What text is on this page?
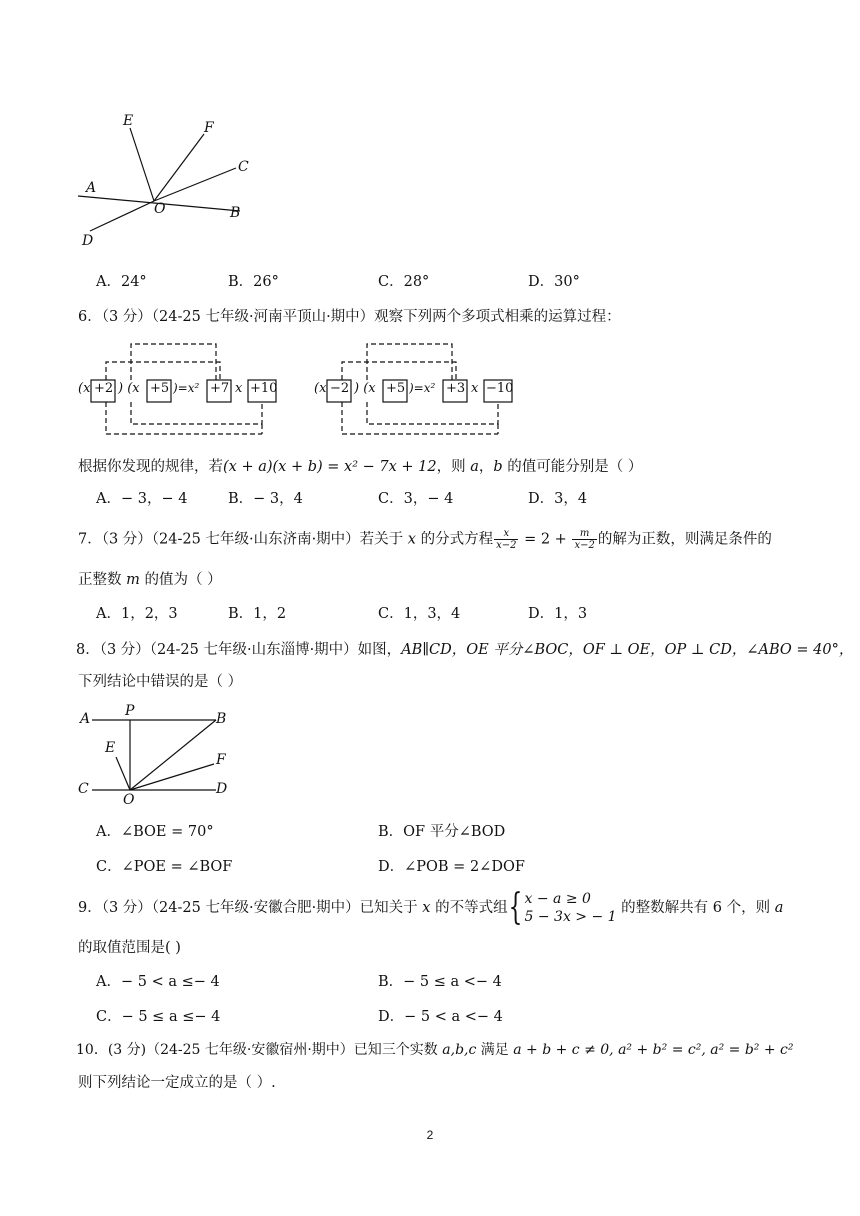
E	F
C
A
O	B
D
A．24°	B．26°	C．28°	D．30°
6．（3 分）（24-25 七年级·河南平顶山·期中）观察下列两个多项式相乘的运算过程：
(x +2 ) (x +5 )=x² +7 x +10	(x −2 ) (x +5 )=x² +3 x −10
根据你发现的规律，若(x + a)(x + b) = x² − 7x + 12，则 a，b 的值可能分别是（ ）
A．− 3，− 4	B．− 3，4	C．3，− 4	D．3，4
7．（3 分）（24-25 七年级·山东济南·期中）若关于 x 的分式方程 $\frac{x}{x-2} = 2 + \frac{m}{x-2}$ 的解为正数，则满足条件的
正整数 m 的值为（ ）
A．1，2，3	B．1，2	C．1，3，4	D．1，3
8．（3 分）（24-25 七年级·山东淄博·期中）如图，AB∥CD，OE 平分∠BOC，OF ⊥ OE，OP ⊥ CD，∠ABO = 40°，
下列结论中错误的是（ ）
A P	B
E
F
C
O
D
A．∠BOE = 70°	B．OF 平分∠BOD
C．∠POE = ∠BOF	D．∠POB = 2∠DOF
9．（3 分）（24-25 七年级·安徽合肥·期中）已知关于 x 的不等式组{ x − a ≥ 0
5 − 3x > − 1
的整数解共有 6 个，则 a
的取值范围是( )
A．− 5 < a ≤− 4	B．− 5 ≤ a <− 4
C．− 5 ≤ a ≤− 4	D．− 5 < a <− 4
10．(3 分)（24-25 七年级·安徽宿州·期中）已知三个实数 a,b,c 满足 a + b + c ≠ 0, a² + b² = c², a² = b² + c²
则下列结论一定成立的是（ ）.
2
